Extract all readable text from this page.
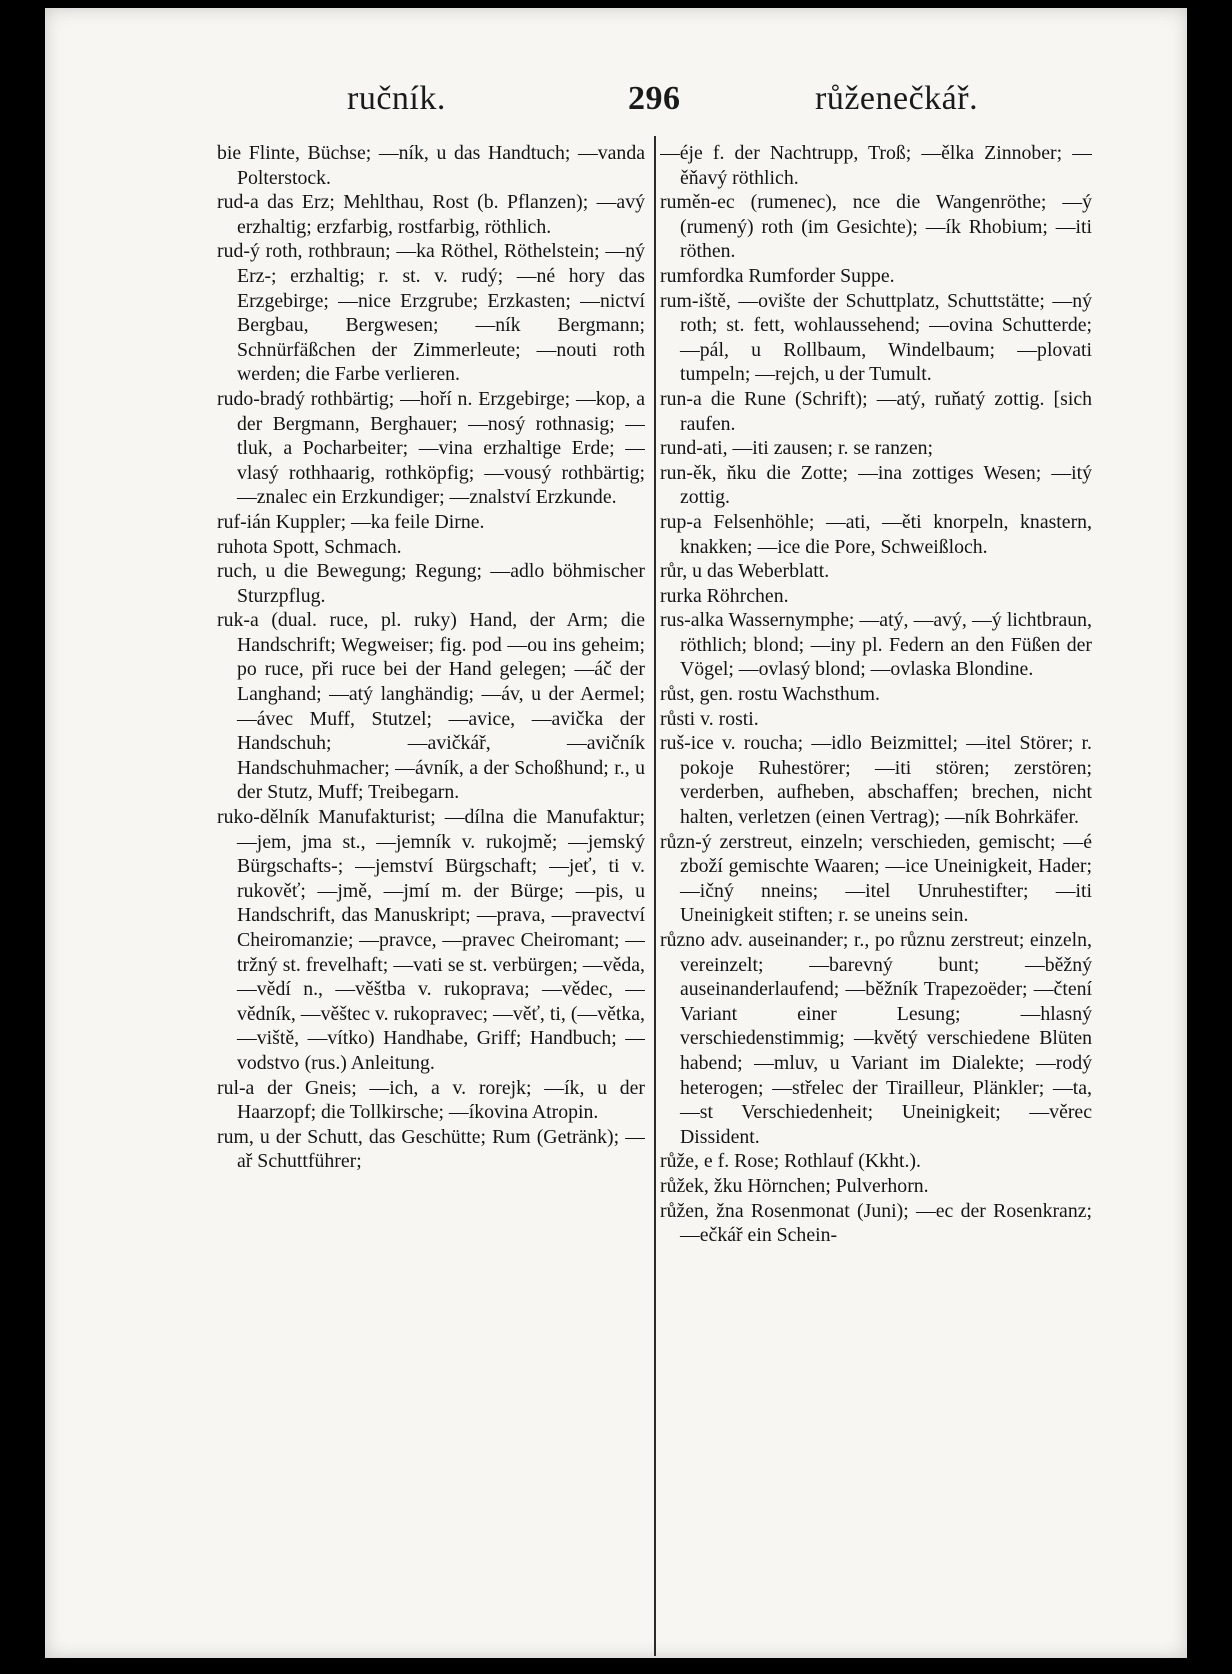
ručník.	296	růženečkář.

bie Flinte, Büchse; —ník, u das Handtuch; —vanda Polterstock.

rud-a das Erz; Mehlthau, Rost (b. Pflanzen); —avý erzhaltig; erzfarbig, rostfarbig, röthlich.

rud-ý roth, rothbraun; —ka Röthel, Röthelstein; —ný Erz-; erzhaltig; r. st. v. rudý; —né hory das Erzgebirge; —nice Erzgrube; Erzkasten; —nictví Bergbau, Bergwesen; —ník Bergmann; Schnürfäßchen der Zimmerleute; —nouti roth werden; die Farbe verlieren.

rudo-bradý rothbärtig; —hoří n. Erzgebirge; —kop, a der Bergmann, Berghauer; —nosý rothnasig; —tluk, a Pocharbeiter; —vina erzhaltige Erde; —vlasý rothhaarig, rothköpfig; —vousý rothbärtig; —znalec ein Erzkundiger; —znalství Erzkunde.

ruf-ián Kuppler; —ka feile Dirne.

ruhota Spott, Schmach.

ruch, u die Bewegung; Regung; —adlo böhmischer Sturzpflug.

ruk-a (dual. ruce, pl. ruky) Hand, der Arm; die Handschrift; Wegweiser; fig. pod —ou ins geheim; po ruce, při ruce bei der Hand gelegen; —áč der Langhand; —atý langhändig; —áv, u der Aermel; —ávec Muff, Stutzel; —avice, —avička der Handschuh; —avičkář, —avičník Handschuhmacher; —ávník, a der Schoßhund; r., u der Stutz, Muff; Treibegarn.

ruko-dělník Manufakturist; —dílna die Manufaktur; —jem, jma st., —jemník v. rukojmě; —jemský Bürgschafts-; —jemství Bürgschaft; —jeť, ti v. rukověť; —jmě, —jmí m. der Bürge; —pis, u Handschrift, das Manuskript; —prava, —pravectví Cheiromanzie; —pravce, —pravec Cheiromant; —tržný st. frevelhaft; —vati se st. verbürgen; —věda, —vědí n., —věštba v. rukoprava; —vědec, —vědník, —věštec v. rukopravec; —věť, ti, (—větka, —viště, —vítko) Handhabe, Griff; Handbuch; —vodstvo (rus.) Anleitung.

rul-a der Gneis; —ich, a v. rorejk; —ík, u der Haarzopf; die Tollkirsche; —íkovina Atropin.

rum, u der Schutt, das Geschütte; Rum (Getränk); —ař Schuttführer;

—éje f. der Nachtrupp, Troß; —ělka Zinnober; —ěňavý röthlich.

ruměn-ec (rumenec), nce die Wangenröthe; —ý (rumený) roth (im Gesichte); —ík Rhobium; —iti röthen.

rumfordka Rumforder Suppe.

rum-iště, —ovište der Schuttplatz, Schuttstätte; —ný roth; st. fett, wohlaussehend; —ovina Schutterde; —pál, u Rollbaum, Windelbaum; —plovati tumpeln; —rejch, u der Tumult.

run-a die Rune (Schrift); —atý, ruňatý zottig. [sich raufen.

rund-ati, —iti zausen; r. se ranzen;

run-ěk, ňku die Zotte; —ina zottiges Wesen; —itý zottig.

rup-a Felsenhöhle; —ati, —ěti knorpeln, knastern, knakken; —ice die Pore, Schweißloch.

růr, u das Weberblatt.

rurka Röhrchen.

rus-alka Wassernymphe; —atý, —avý, —ý lichtbraun, röthlich; blond; —iny pl. Federn an den Füßen der Vögel; —ovlasý blond; —ovlaska Blondine.

růst, gen. rostu Wachsthum.

růsti v. rosti.

ruš-ice v. roucha; —idlo Beizmittel; —itel Störer; r. pokoje Ruhestörer; —iti stören; zerstören; verderben, aufheben, abschaffen; brechen, nicht halten, verletzen (einen Vertrag); —ník Bohrkäfer.

různ-ý zerstreut, einzeln; verschieden, gemischt; —é zboží gemischte Waaren; —ice Uneinigkeit, Hader; —ičný nneins; —itel Unruhestifter; —iti Uneinigkeit stiften; r. se uneins sein.

různo adv. auseinander; r., po různu zerstreut; einzeln, vereinzelt; —barevný bunt; —běžný auseinanderlaufend; —běžník Trapezoëder; —čtení Variant einer Lesung; —hlasný verschiedenstimmig; —květý verschiedene Blüten habend; —mluv, u Variant im Dialekte; —rodý heterogen; —střelec der Tirailleur, Plänkler; —ta, —st Verschiedenheit; Uneinigkeit; —věrec Dissident.

růže, e f. Rose; Rothlauf (Kkht.).

růžek, žku Hörnchen; Pulverhorn.

růžen, žna Rosenmonat (Juni); —ec der Rosenkranz; —ečkář ein Schein-
